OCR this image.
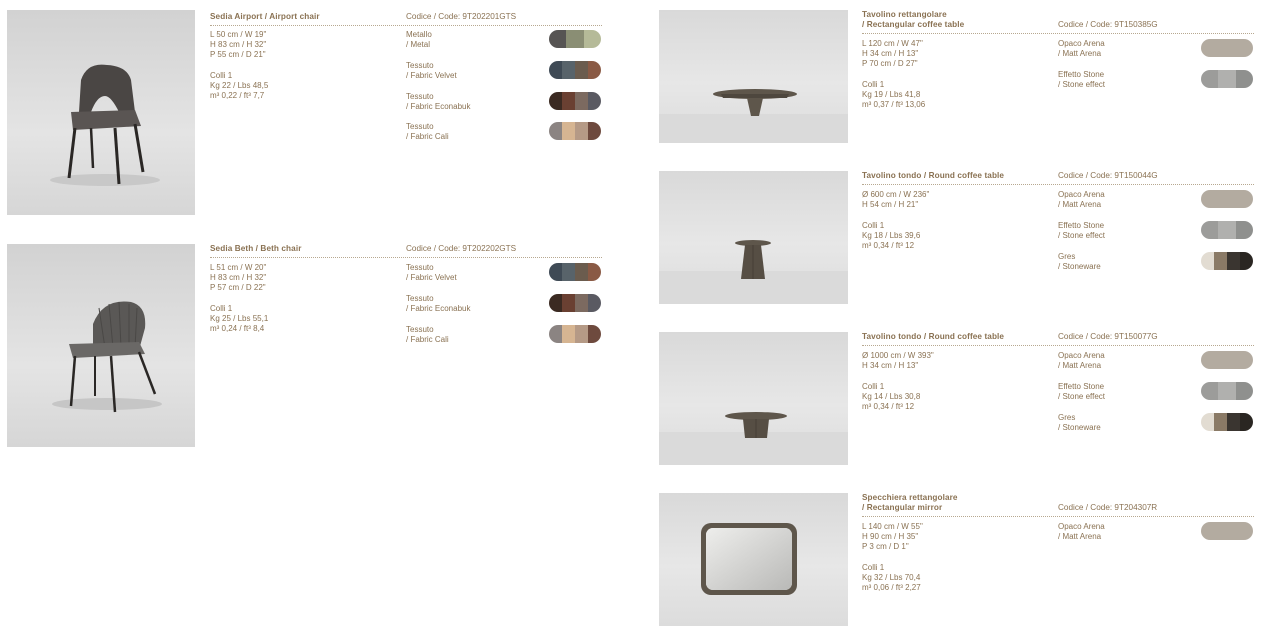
Sedia Airport / Airport chair	Codice / Code: 9T202201GTS
L 50 cm / W 19"
H 83 cm / H 32"
P 55 cm / D 21"
Colli 1
Kg 22 / Lbs 48,5
m³ 0,22 / ft³ 7,7
Metallo
/ Metal
Tessuto
/ Fabric Velvet
Tessuto
/ Fabric Econabuk
Tessuto
/ Fabric Cali
Sedia Beth / Beth chair	Codice / Code: 9T202202GTS
L 51 cm / W 20"
H 83 cm / H 32"
P 57 cm / D 22"
Colli 1
Kg 25 / Lbs 55,1
m³ 0,24 / ft³ 8,4
Tessuto
/ Fabric Velvet
Tessuto
/ Fabric Econabuk
Tessuto
/ Fabric Cali
Tavolino rettangolare
/ Rectangular coffee table	Codice / Code: 9T150385G
L 120 cm / W 47"
H 34 cm / H 13"
P 70 cm / D 27"
Colli 1
Kg 19 / Lbs 41,8
m³ 0,37 / ft³ 13,06
Opaco Arena
/ Matt Arena
Effetto Stone
/ Stone effect
Tavolino tondo / Round coffee table	Codice / Code: 9T150044G
Ø 600 cm / W 236"
H 54 cm / H 21"
Colli 1
Kg 18 / Lbs 39,6
m³ 0,34 / ft³ 12
Opaco Arena
/ Matt Arena
Effetto Stone
/ Stone effect
Gres
/ Stoneware
Tavolino tondo / Round coffee table	Codice / Code: 9T150077G
Ø 1000 cm / W 393"
H 34 cm / H 13"
Colli 1
Kg 14 / Lbs 30,8
m³ 0,34 / ft³ 12
Opaco Arena
/ Matt Arena
Effetto Stone
/ Stone effect
Gres
/ Stoneware
Specchiera rettangolare
/ Rectangular mirror	Codice / Code: 9T204307R
L 140 cm / W 55"
H 90 cm / H 35"
P 3 cm / D 1"
Colli 1
Kg 32 / Lbs 70,4
m³ 0,06 / ft³ 2,27
Opaco Arena
/ Matt Arena
